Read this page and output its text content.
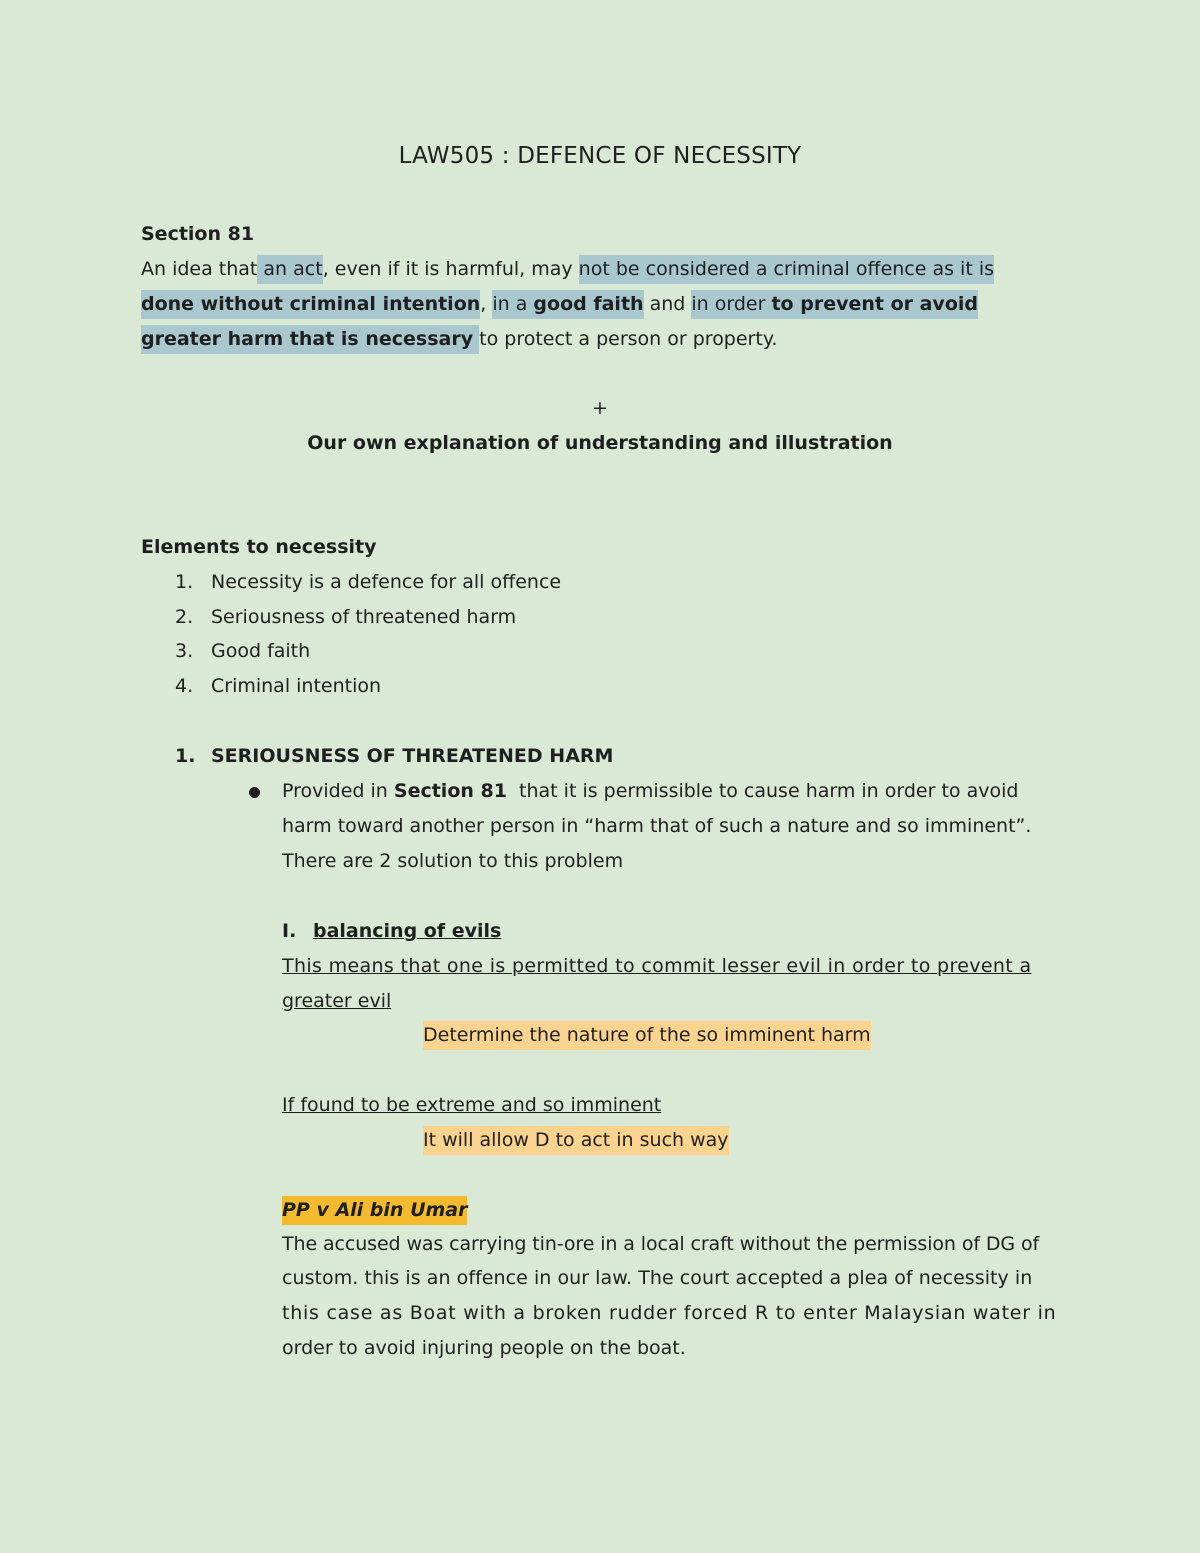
LAW505 : DEFENCE OF NECESSITY
Section 81
An idea that an act, even if it is harmful, may not be considered a criminal offence as it is
done without criminal intention, in a good faith and in order to prevent or avoid
greater harm that is necessary to protect a person or property.
+
Our own explanation of understanding and illustration
Elements to necessity
1. Necessity is a defence for all offence
2. Seriousness of threatened harm
3. Good faith
4. Criminal intention
1. SERIOUSNESS OF THREATENED HARM
Provided in Section 81  that it is permissible to cause harm in order to avoid
harm toward another person in “harm that of such a nature and so imminent”.
There are 2 solution to this problem
I. balancing of evils
This means that one is permitted to commit lesser evil in order to prevent a
greater evil
Determine the nature of the so imminent harm
If found to be extreme and so imminent
It will allow D to act in such way
PP v Ali bin Umar
The accused was carrying tin-ore in a local craft without the permission of DG of
custom. this is an offence in our law. The court accepted a plea of necessity in
this case as Boat with a broken rudder forced R to enter Malaysian water in
order to avoid injuring people on the boat.
